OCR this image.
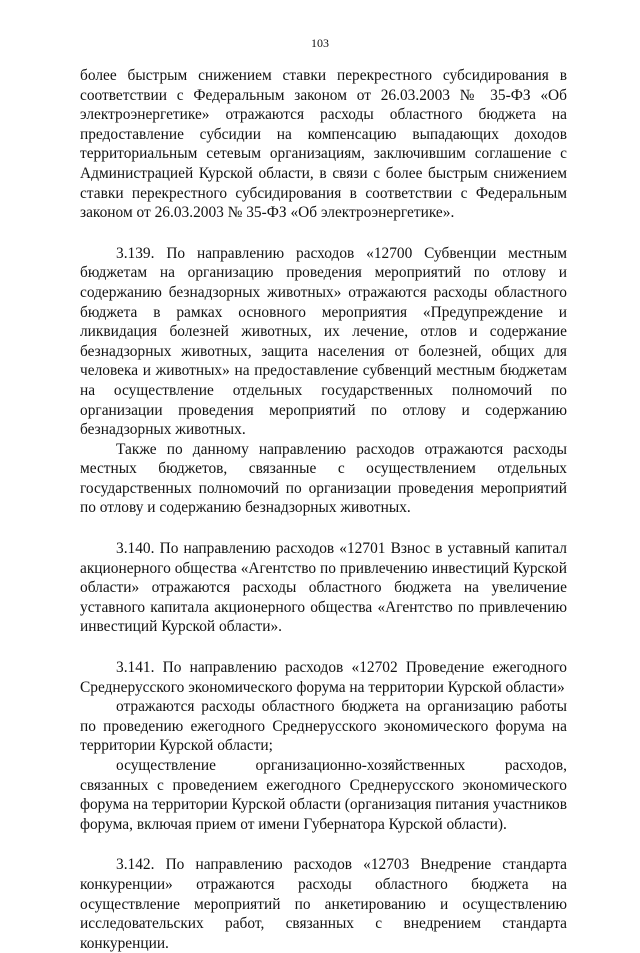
103

более быстрым снижением ставки перекрестного субсидирования в соответствии с Федеральным законом от 26.03.2003 № 35-ФЗ «Об электроэнергетике» отражаются расходы областного бюджета на предоставление субсидии на компенсацию выпадающих доходов территориальным сетевым организациям, заключившим соглашение с Администрацией Курской области, в связи с более быстрым снижением ставки перекрестного субсидирования в соответствии с Федеральным законом от 26.03.2003 № 35-ФЗ «Об электроэнергетике».

3.139. По направлению расходов «12700 Субвенции местным бюджетам на организацию проведения мероприятий по отлову и содержанию безнадзорных животных» отражаются расходы областного бюджета в рамках основного мероприятия «Предупреждение и ликвидация болезней животных, их лечение, отлов и содержание безнадзорных животных, защита населения от болезней, общих для человека и животных» на предоставление субвенций местным бюджетам на осуществление отдельных государственных полномочий по организации проведения мероприятий по отлову и содержанию безнадзорных животных.

Также по данному направлению расходов отражаются расходы местных бюджетов, связанные с осуществлением отдельных государственных полномочий по организации проведения мероприятий по отлову и содержанию безнадзорных животных.

3.140. По направлению расходов «12701 Взнос в уставный капитал акционерного общества «Агентство по привлечению инвестиций Курской области» отражаются расходы областного бюджета на увеличение уставного капитала акционерного общества «Агентство по привлечению инвестиций Курской области».

3.141. По направлению расходов «12702 Проведение ежегодного Среднерусского экономического форума на территории Курской области»

отражаются расходы областного бюджета на организацию работы по проведению ежегодного Среднерусского экономического форума на территории Курской области;

осуществление организационно-хозяйственных расходов, связанных с проведением ежегодного Среднерусского экономического форума на территории Курской области (организация питания участников форума, включая прием от имени Губернатора Курской области).

3.142. По направлению расходов «12703 Внедрение стандарта конкуренции» отражаются расходы областного бюджета на осуществление мероприятий по анкетированию и осуществлению исследовательских работ, связанных с внедрением стандарта конкуренции.
